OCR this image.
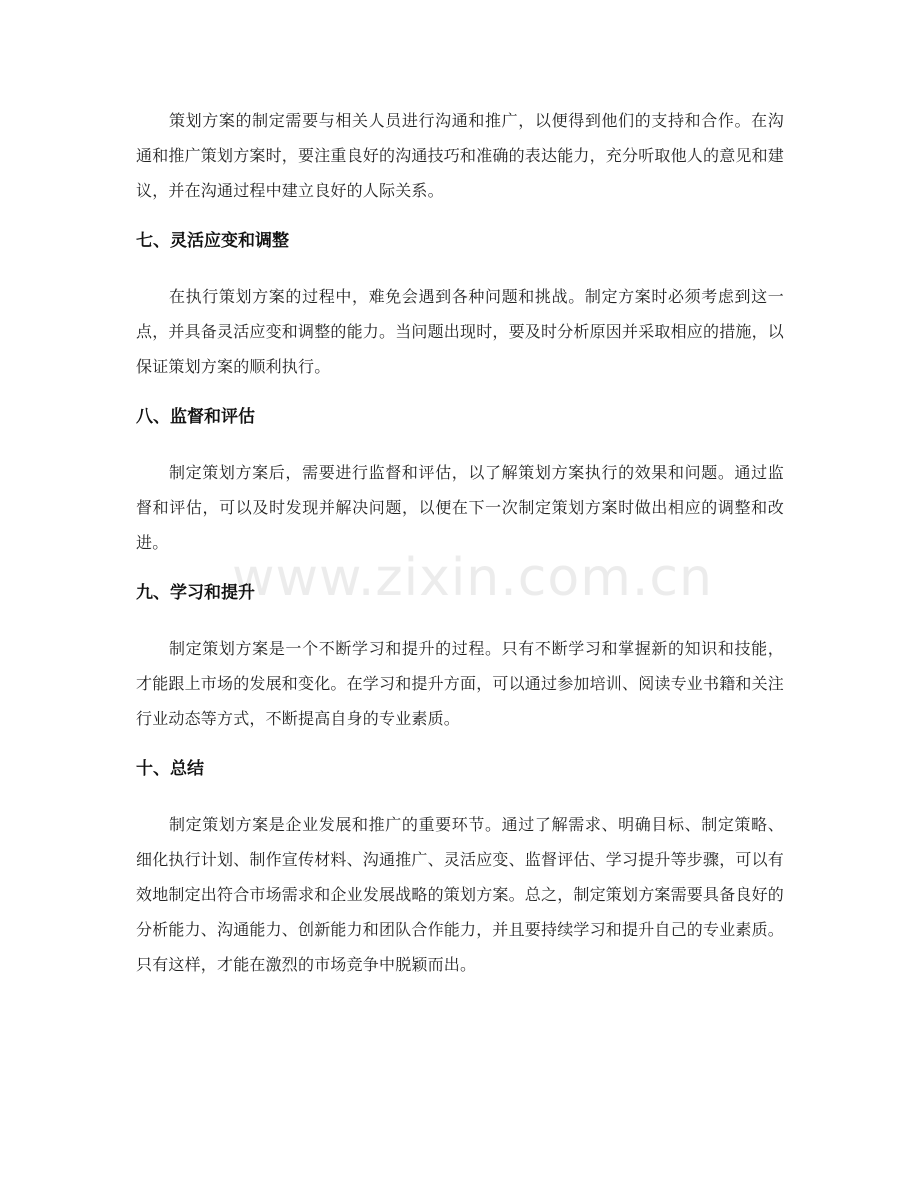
www.zixin.com.cn

策划方案的制定需要与相关人员进行沟通和推广，以便得到他们的支持和合作。在沟通和推广策划方案时，要注重良好的沟通技巧和准确的表达能力，充分听取他人的意见和建议，并在沟通过程中建立良好的人际关系。

七、灵活应变和调整

在执行策划方案的过程中，难免会遇到各种问题和挑战。制定方案时必须考虑到这一点，并具备灵活应变和调整的能力。当问题出现时，要及时分析原因并采取相应的措施，以保证策划方案的顺利执行。

八、监督和评估

制定策划方案后，需要进行监督和评估，以了解策划方案执行的效果和问题。通过监督和评估，可以及时发现并解决问题，以便在下一次制定策划方案时做出相应的调整和改进。

九、学习和提升

制定策划方案是一个不断学习和提升的过程。只有不断学习和掌握新的知识和技能，才能跟上市场的发展和变化。在学习和提升方面，可以通过参加培训、阅读专业书籍和关注行业动态等方式，不断提高自身的专业素质。

十、总结

制定策划方案是企业发展和推广的重要环节。通过了解需求、明确目标、制定策略、细化执行计划、制作宣传材料、沟通推广、灵活应变、监督评估、学习提升等步骤，可以有效地制定出符合市场需求和企业发展战略的策划方案。总之，制定策划方案需要具备良好的分析能力、沟通能力、创新能力和团队合作能力，并且要持续学习和提升自己的专业素质。只有这样，才能在激烈的市场竞争中脱颖而出。
